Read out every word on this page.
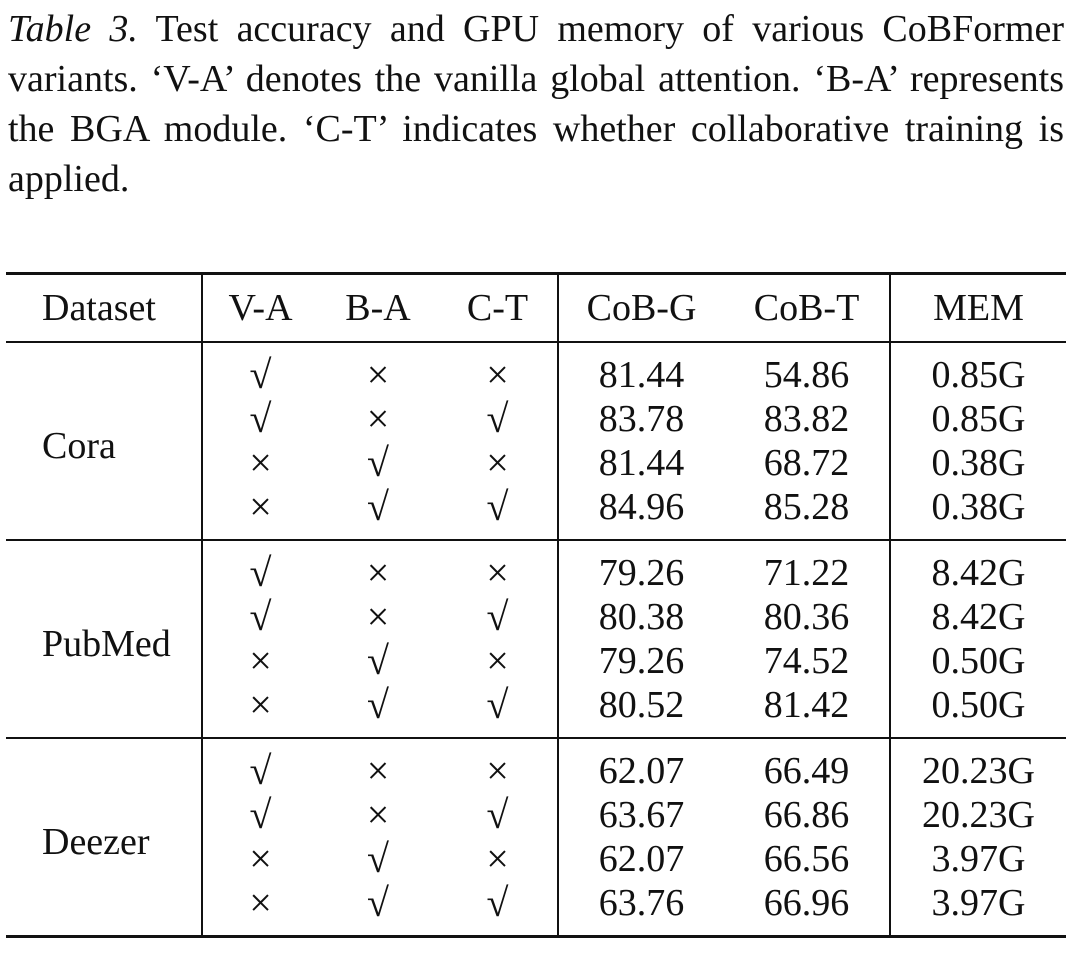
Table 3. Test accuracy and GPU memory of various CoBFormer variants. ‘V-A’ denotes the vanilla global attention. ‘B-A’ represents the BGA module. ‘C-T’ indicates whether collaborative training is applied.

Dataset	V-A	B-A	C-T	CoB-G	CoB-T	MEM
Cora	√	×	×	81.44	54.86	0.85G
	√	×	√	83.78	83.82	0.85G
	×	√	×	81.44	68.72	0.38G
	×	√	√	84.96	85.28	0.38G
PubMed	√	×	×	79.26	71.22	8.42G
	√	×	√	80.38	80.36	8.42G
	×	√	×	79.26	74.52	0.50G
	×	√	√	80.52	81.42	0.50G
Deezer	√	×	×	62.07	66.49	20.23G
	√	×	√	63.67	66.86	20.23G
	×	√	×	62.07	66.56	3.97G
	×	√	√	63.76	66.96	3.97G
